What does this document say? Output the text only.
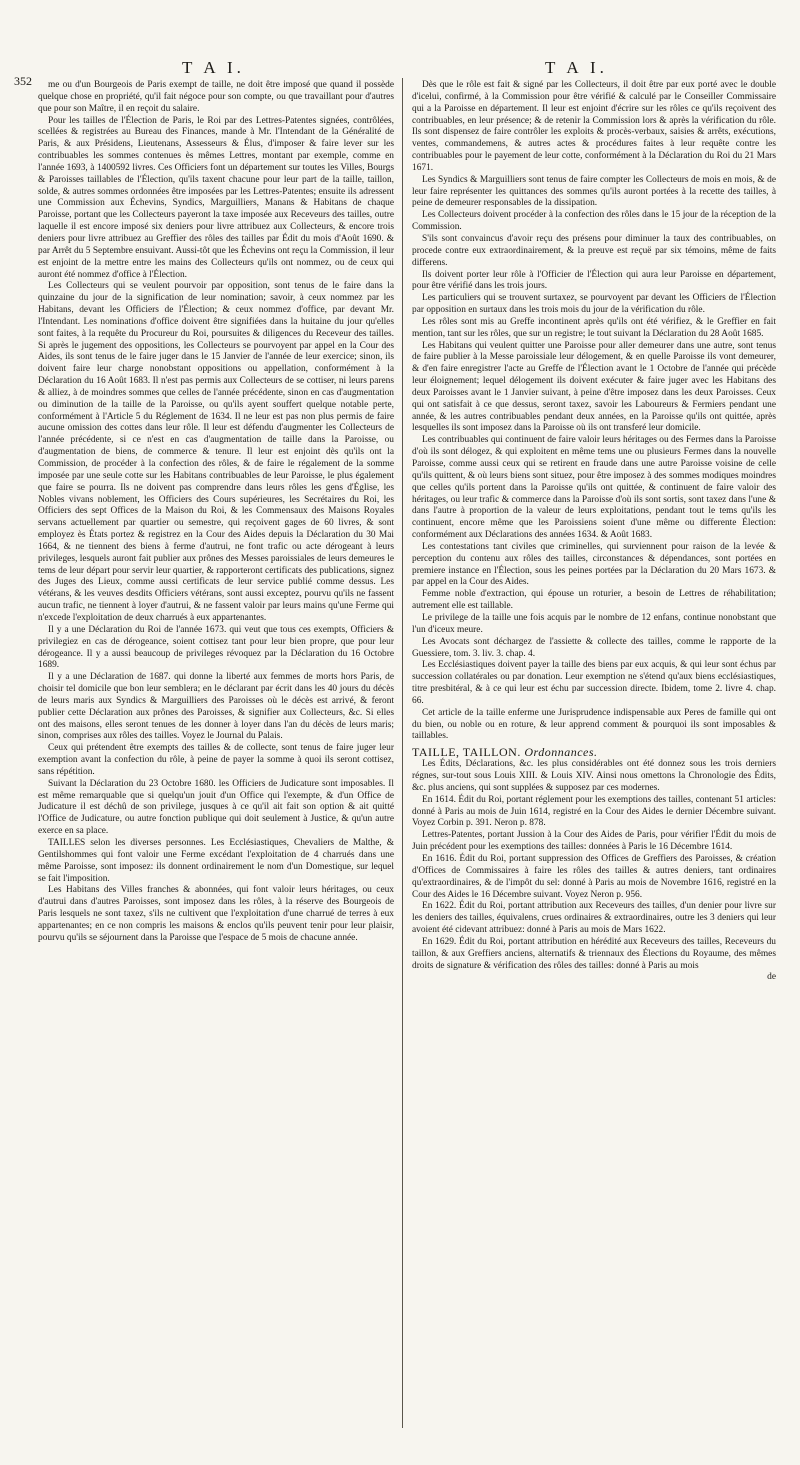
352
T A I.	T A I.

me ou d'un Bourgeois de Paris exempt de taille, ne doit être imposé que quand il possède quelque chose en propriété, qu'il fait négoce pour son compte, ou que travaillant pour d'autres que pour son Maître, il en reçoit du salaire.

Pour les tailles de l'Élection de Paris, le Roi par des Lettres-Patentes signées, contrôlées, scellées & registrées au Bureau des Finances, mande à Mr. l'Intendant de la Généralité de Paris, & aux Présidens, Lieutenans, Assesseurs & Élus, d'imposer & faire lever sur les contribuables les sommes contenues ès mêmes Lettres, montant par exemple, comme en l'année 1693, à 1400592 livres. Ces Officiers font un département sur toutes les Villes, Bourgs & Paroisses taillables de l'Élection, qu'ils taxent chacune pour leur part de la taille, taillon, solde, & autres sommes ordonnées être imposées par les Lettres-Patentes; ensuite ils adressent une Commission aux Échevins, Syndics, Marguilliers, Manans & Habitans de chaque Paroisse, portant que les Collecteurs payeront la taxe imposée aux Receveurs des tailles, outre laquelle il est encore imposé six deniers pour livre attribuez aux Collecteurs, & encore trois deniers pour livre attribuez au Greffier des rôles des tailles par Édit du mois d'Août 1690. & par Arrêt du 5 Septembre ensuivant. Aussi-tôt que les Échevins ont reçu la Commission, il leur est enjoint de la mettre entre les mains des Collecteurs qu'ils ont nommez, ou de ceux qui auront été nommez d'office à l'Élection.

Les Collecteurs qui se veulent pourvoir par opposition, sont tenus de le faire dans la quinzaine du jour de la signification de leur nomination; savoir, à ceux nommez par les Habitans, devant les Officiers de l'Élection; & ceux nommez d'office, par devant Mr. l'Intendant. Les nominations d'office doivent être signifiées dans la huitaine du jour qu'elles sont faites, à la requête du Procureur du Roi, poursuites & diligences du Receveur des tailles. Si après le jugement des oppositions, les Collecteurs se pourvoyent par appel en la Cour des Aides, ils sont tenus de le faire juger dans le 15 Janvier de l'année de leur exercice; sinon, ils doivent faire leur charge nonobstant oppositions ou appellation, conformément à la Déclaration du 16 Août 1683. Il n'est pas permis aux Collecteurs de se cottiser, ni leurs parens & alliez, à de moindres sommes que celles de l'année précédente, sinon en cas d'augmentation ou diminution de la taille de la Paroisse, ou qu'ils ayent souffert quelque notable perte, conformément à l'Article 5 du Réglement de 1634. Il ne leur est pas non plus permis de faire aucune omission des cottes dans leur rôle. Il leur est défendu d'augmenter les Collecteurs de l'année précédente, si ce n'est en cas d'augmentation de taille dans la Paroisse, ou d'augmentation de biens, de commerce & tenure. Il leur est enjoint dès qu'ils ont la Commission, de procéder à la confection des rôles, & de faire le régalement de la somme imposée par une seule cotte sur les Habitans contribuables de leur Paroisse, le plus également que faire se pourra. Ils ne doivent pas comprendre dans leurs rôles les gens d'Église, les Nobles vivans noblement, les Officiers des Cours supérieures, les Secrétaires du Roi, les Officiers des sept Offices de la Maison du Roi, & les Commensaux des Maisons Royales servans actuellement par quartier ou semestre, qui reçoivent gages de 60 livres, & sont employez ès États portez & registrez en la Cour des Aides depuis la Déclaration du 30 Mai 1664, & ne tiennent des biens à ferme d'autrui, ne font trafic ou acte dérogeant à leurs privileges, lesquels auront fait publier aux prônes des Messes paroissiales de leurs demeures le tems de leur départ pour servir leur quartier, & rapporteront certificats des publications, signez des Juges des Lieux, comme aussi certificats de leur service publié comme dessus. Les vétérans, & les veuves desdits Officiers vétérans, sont aussi exceptez, pourvu qu'ils ne fassent aucun trafic, ne tiennent à loyer d'autrui, & ne fassent valoir par leurs mains qu'une Ferme qui n'excede l'exploitation de deux charrués à eux appartenantes.

Il y a une Déclaration du Roi de l'année 1673. qui veut que tous ces exempts, Officiers & privilegiez en cas de dérogeance, soient cottisez tant pour leur bien propre, que pour leur dérogeance. Il y a aussi beaucoup de privileges révoquez par la Déclaration du 16 Octobre 1689.

Il y a une Déclaration de 1687. qui donne la liberté aux femmes de morts hors Paris, de choisir tel domicile que bon leur semblera; en le déclarant par écrit dans les 40 jours du décès de leurs maris aux Syndics & Marguilliers des Paroisses où le décès est arrivé, & feront publier cette Déclaration aux prônes des Paroisses, & signifier aux Collecteurs, &c. Si elles ont des maisons, elles seront tenues de les donner à loyer dans l'an du décès de leurs maris; sinon, comprises aux rôles des tailles. Voyez le Journal du Palais.

Ceux qui prétendent être exempts des tailles & de collecte, sont tenus de faire juger leur exemption avant la confection du rôle, à peine de payer la somme à quoi ils seront cottisez, sans répétition.

Suivant la Déclaration du 23 Octobre 1680. les Officiers de Judicature sont imposables. Il est même remarquable que si quelqu'un jouit d'un Office qui l'exempte, & d'un Office de Judicature il est déchû de son privilege, jusques à ce qu'il ait fait son option & ait quitté l'Office de Judicature, ou autre fonction publique qui doit seulement à Justice, & qu'un autre exerce en sa place.

TAILLES selon les diverses personnes. Les Ecclésiastiques, Chevaliers de Malthe, & Gentilshommes qui font valoir une Ferme excédant l'exploitation de 4 charrués dans une même Paroisse, sont imposez: ils donnent ordinairement le nom d'un Domestique, sur lequel se fait l'imposition.

Les Habitans des Villes franches & abonnées, qui font valoir leurs héritages, ou ceux d'autrui dans d'autres Paroisses, sont imposez dans les rôles, à la réserve des Bourgeois de Paris lesquels ne sont taxez, s'ils ne cultivent que l'exploitation d'une charrué de terres à eux appartenantes; en ce non compris les maisons & enclos qu'ils peuvent tenir pour leur plaisir, pourvu qu'ils se séjournent dans la Paroisse que l'espace de 5 mois de chacune année.

Dès que le rôle est fait & signé par les Collecteurs, il doit être par eux porté avec le double d'icelui, confirmé, à la Commission pour être vérifié & calculé par le Conseiller Commissaire qui a la Paroisse en département. Il leur est enjoint d'écrire sur les rôles ce qu'ils reçoivent des contribuables, en leur présence; & de retenir la Commission lors & après la vérification du rôle. Ils sont dispensez de faire contrôler les exploits & procès-verbaux, saisies & arrêts, exécutions, ventes, commandemens, & autres actes & procédures faites à leur requête contre les contribuables pour le payement de leur cotte, conformément à la Déclaration du Roi du 21 Mars 1671.

Les Syndics & Marguilliers sont tenus de faire compter les Collecteurs de mois en mois, & de leur faire représenter les quittances des sommes qu'ils auront portées à la recette des tailles, à peine de demeurer responsables de la dissipation.

Les Collecteurs doivent procéder à la confection des rôles dans le 15 jour de la réception de la Commission.

S'ils sont convaincus d'avoir reçu des présens pour diminuer la taux des contribuables, on procede contre eux extraordinairement, & la preuve est reçuë par six témoins, même de faits differens.

Ils doivent porter leur rôle à l'Officier de l'Élection qui aura leur Paroisse en département, pour être vérifié dans les trois jours.

Les particuliers qui se trouvent surtaxez, se pourvoyent par devant les Officiers de l'Élection par opposition en surtaux dans les trois mois du jour de la vérification du rôle.

Les rôles sont mis au Greffe incontinent après qu'ils ont été vérifiez, & le Greffier en fait mention, tant sur les rôles, que sur un registre; le tout suivant la Déclaration du 28 Août 1685.

Les Habitans qui veulent quitter une Paroisse pour aller demeurer dans une autre, sont tenus de faire publier à la Messe paroissiale leur délogement, & en quelle Paroisse ils vont demeurer, & d'en faire enregistrer l'acte au Greffe de l'Élection avant le 1 Octobre de l'année qui précède leur éloignement; lequel délogement ils doivent exécuter & faire juger avec les Habitans des deux Paroisses avant le 1 Janvier suivant, à peine d'être imposez dans les deux Paroisses. Ceux qui ont satisfait à ce que dessus, seront taxez, savoir les Laboureurs & Fermiers pendant une année, & les autres contribuables pendant deux années, en la Paroisse qu'ils ont quittée, après lesquelles ils sont imposez dans la Paroisse où ils ont transferé leur domicile.

Les contribuables qui continuent de faire valoir leurs héritages ou des Fermes dans la Paroisse d'où ils sont délogez, & qui exploitent en même tems une ou plusieurs Fermes dans la nouvelle Paroisse, comme aussi ceux qui se retirent en fraude dans une autre Paroisse voisine de celle qu'ils quittent, & où leurs biens sont situez, pour être imposez à des sommes modiques moindres que celles qu'ils portent dans la Paroisse qu'ils ont quittée, & continuent de faire valoir des héritages, ou leur trafic & commerce dans la Paroisse d'où ils sont sortis, sont taxez dans l'une & dans l'autre à proportion de la valeur de leurs exploitations, pendant tout le tems qu'ils les continuent, encore même que les Paroissiens soient d'une même ou differente Élection: conformément aux Déclarations des années 1634. & Août 1683.

Les contestations tant civiles que criminelles, qui surviennent pour raison de la levée & perception du contenu aux rôles des tailles, circonstances & dépendances, sont portées en premiere instance en l'Élection, sous les peines portées par la Déclaration du 20 Mars 1673. & par appel en la Cour des Aides.

Femme noble d'extraction, qui épouse un roturier, a besoin de Lettres de réhabilitation; autrement elle est taillable.

Le privilege de la taille une fois acquis par le nombre de 12 enfans, continue nonobstant que l'un d'iceux meure.

Les Avocats sont déchargez de l'assiette & collecte des tailles, comme le rapporte de la Guessiere, tom. 3. liv. 3. chap. 4.

Les Ecclésiastiques doivent payer la taille des biens par eux acquis, & qui leur sont échus par succession collatérales ou par donation. Leur exemption ne s'étend qu'aux biens ecclésiastiques, titre presbitéral, & à ce qui leur est échu par succession directe. Ibidem, tome 2. livre 4. chap. 66.

Cet article de la taille enferme une Jurisprudence indispensable aux Peres de famille qui ont du bien, ou noble ou en roture, & leur apprend comment & pourquoi ils sont imposables & taillables.

TAILLE, TAILLON. Ordonnances.

Les Édits, Déclarations, &c. les plus considérables ont été donnez sous les trois derniers régnes, sur-tout sous Louis XIII. & Louis XIV. Ainsi nous omettons la Chronologie des Édits, &c. plus anciens, qui sont supplées & supposez par ces modernes.

En 1614. Édit du Roi, portant réglement pour les exemptions des tailles, contenant 51 articles: donné à Paris au mois de Juin 1614, registré en la Cour des Aides le dernier Décembre suivant. Voyez Corbin p. 391. Neron p. 878.

Lettres-Patentes, portant Jussion à la Cour des Aides de Paris, pour vérifier l'Édit du mois de Juin précédent pour les exemptions des tailles: données à Paris le 16 Décembre 1614.

En 1616. Édit du Roi, portant suppression des Offices de Greffiers des Paroisses, & création d'Offices de Commissaires à faire les rôles des tailles & autres deniers, tant ordinaires qu'extraordinaires, & de l'impôt du sel: donné à Paris au mois de Novembre 1616, registré en la Cour des Aides le 16 Décembre suivant. Voyez Neron p. 956.

En 1622. Édit du Roi, portant attribution aux Receveurs des tailles, d'un denier pour livre sur les deniers des tailles, équivalens, crues ordinaires & extraordinaires, outre les 3 deniers qui leur avoient été cidevant attribuez: donné à Paris au mois de Mars 1622.

En 1629. Édit du Roi, portant attribution en hérédité aux Receveurs des tailles, Receveurs du taillon, & aux Greffiers anciens, alternatifs & triennaux des Élections du Royaume, des mêmes droits de signature & vérification des rôles des tailles: donné à Paris au mois

de
